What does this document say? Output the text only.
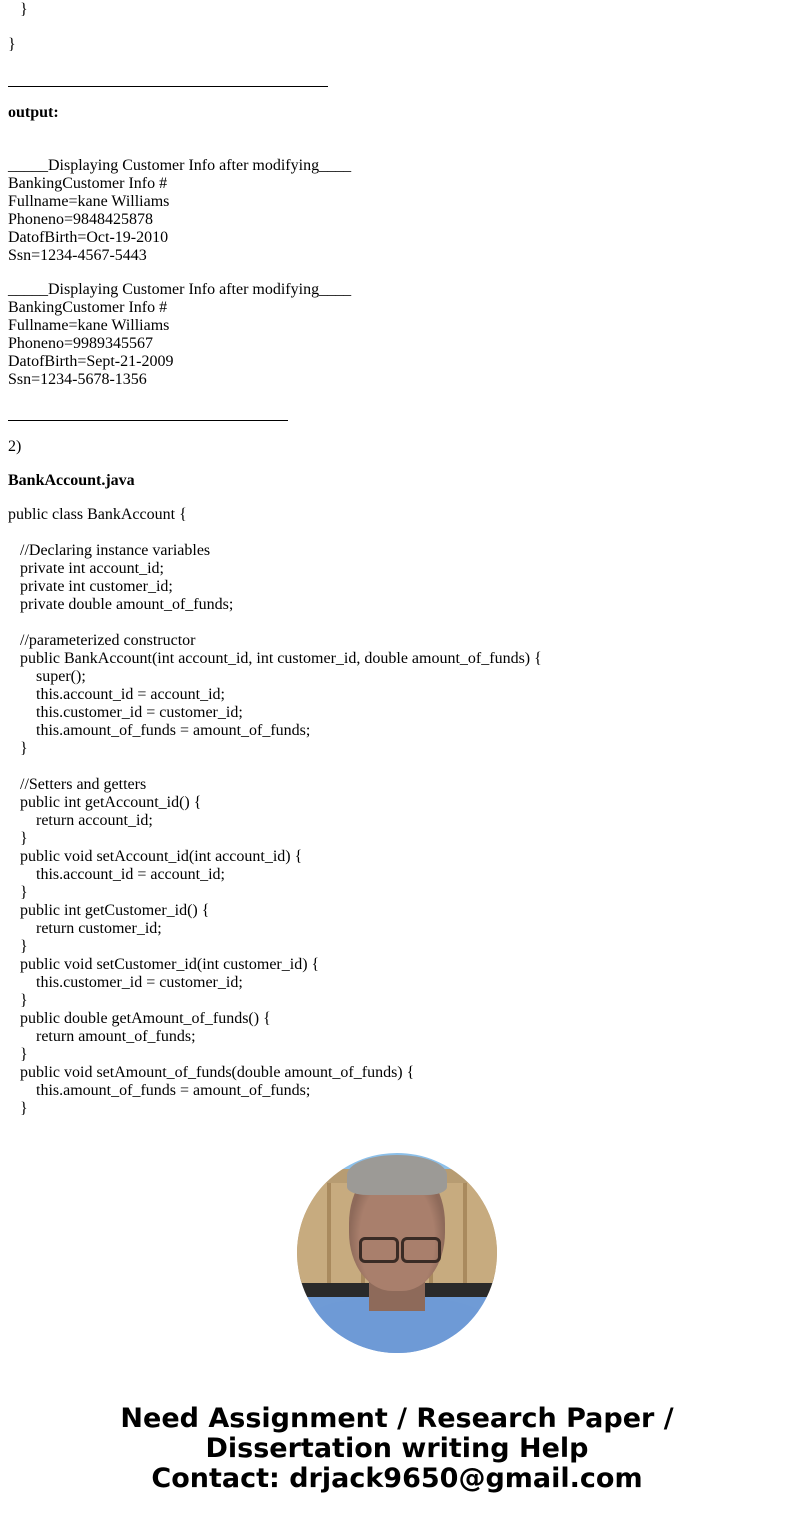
}
}
output:
_____Displaying Customer Info after modifying____
BankingCustomer Info #
Fullname=kane Williams
Phoneno=9848425878
DatofBirth=Oct-19-2010
Ssn=1234-4567-5443
_____Displaying Customer Info after modifying____
BankingCustomer Info #
Fullname=kane Williams
Phoneno=9989345567
DatofBirth=Sept-21-2009
Ssn=1234-5678-1356
2)
BankAccount.java
public class BankAccount {
//Declaring instance variables
private int account_id;
private int customer_id;
private double amount_of_funds;
//parameterized constructor
public BankAccount(int account_id, int customer_id, double amount_of_funds) {
super();
this.account_id = account_id;
this.customer_id = customer_id;
this.amount_of_funds = amount_of_funds;
}
//Setters and getters
public int getAccount_id() {
return account_id;
}
public void setAccount_id(int account_id) {
this.account_id = account_id;
}
public int getCustomer_id() {
return customer_id;
}
public void setCustomer_id(int customer_id) {
this.customer_id = customer_id;
}
public double getAmount_of_funds() {
return amount_of_funds;
}
public void setAmount_of_funds(double amount_of_funds) {
this.amount_of_funds = amount_of_funds;
}
Need Assignment / Research Paper / Dissertation writing Help
Contact: drjack9650@gmail.com
